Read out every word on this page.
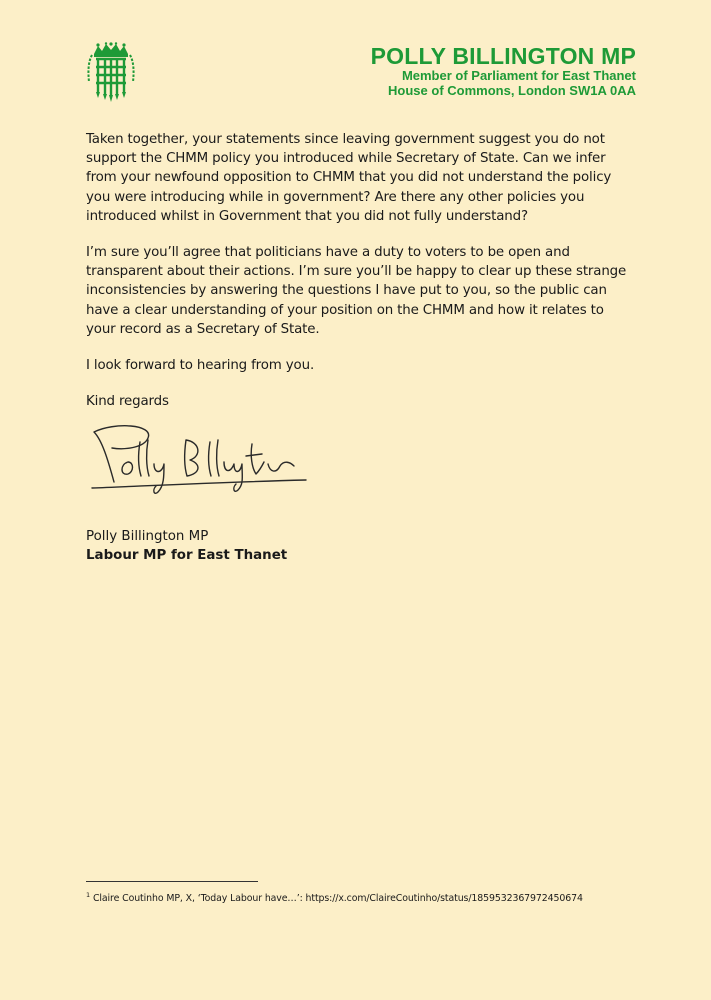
POLLY BILLINGTON MP
Member of Parliament for East Thanet
House of Commons, London SW1A 0AA

Taken together, your statements since leaving government suggest you do not support the CHMM policy you introduced while Secretary of State. Can we infer from your newfound opposition to CHMM that you did not understand the policy you were introducing while in government? Are there any other policies you introduced whilst in Government that you did not fully understand?

I’m sure you’ll agree that politicians have a duty to voters to be open and transparent about their actions. I’m sure you’ll be happy to clear up these strange inconsistencies by answering the questions I have put to you, so the public can have a clear understanding of your position on the CHMM and how it relates to your record as a Secretary of State.

I look forward to hearing from you.

Kind regards

Polly Billington MP
Labour MP for East Thanet
$^1$ Claire Coutinho MP, X, ‘Today Labour have…’: https://x.com/ClaireCoutinho/status/1859532367972450674
